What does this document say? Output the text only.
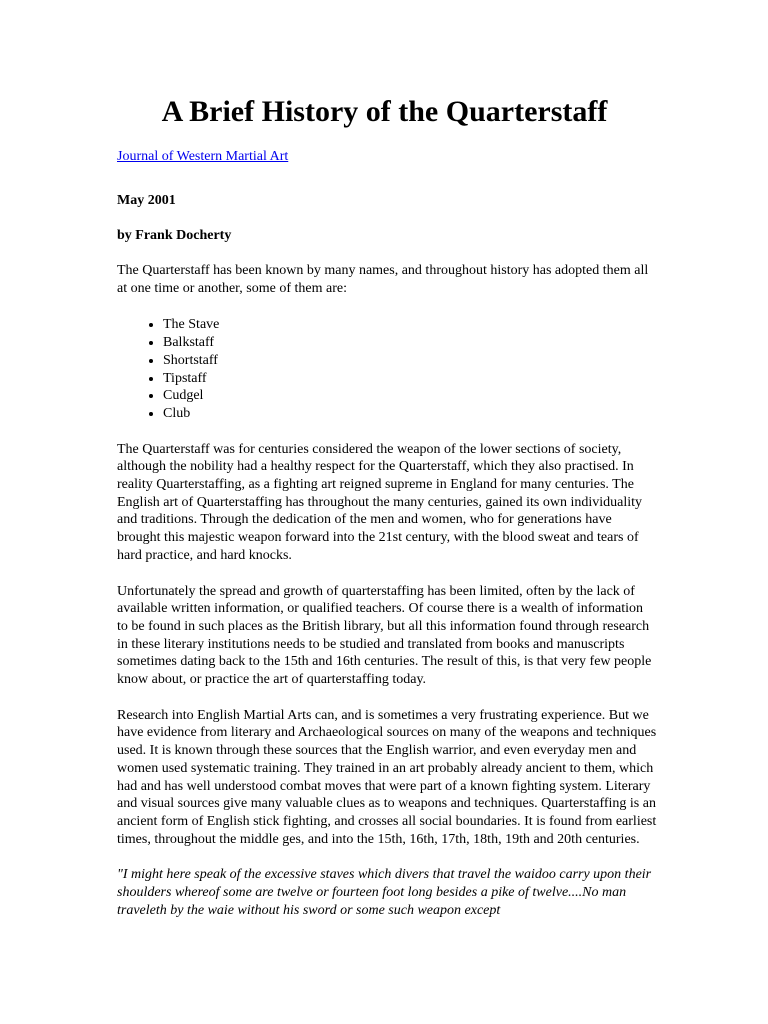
A Brief History of the Quarterstaff
Journal of Western Martial Art
May 2001
by Frank Docherty

The Quarterstaff has been known by many names, and throughout history has adopted them all at one time or another, some of them are:

• The Stave
• Balkstaff
• Shortstaff
• Tipstaff
• Cudgel
• Club

The Quarterstaff was for centuries considered the weapon of the lower sections of society, although the nobility had a healthy respect for the Quarterstaff, which they also practised. In reality Quarterstaffing, as a fighting art reigned supreme in England for many centuries. The English art of Quarterstaffing has throughout the many centuries, gained its own individuality and traditions. Through the dedication of the men and women, who for generations have brought this majestic weapon forward into the 21st century, with the blood sweat and tears of hard practice, and hard knocks.

Unfortunately the spread and growth of quarterstaffing has been limited, often by the lack of available written information, or qualified teachers. Of course there is a wealth of information to be found in such places as the British library, but all this information found through research in these literary institutions needs to be studied and translated from books and manuscripts sometimes dating back to the 15th and 16th centuries. The result of this, is that very few people know about, or practice the art of quarterstaffing today.

Research into English Martial Arts can, and is sometimes a very frustrating experience. But we have evidence from literary and Archaeological sources on many of the weapons and techniques used. It is known through these sources that the English warrior, and even everyday men and women used systematic training. They trained in an art probably already ancient to them, which had and has well understood combat moves that were part of a known fighting system. Literary and visual sources give many valuable clues as to weapons and techniques. Quarterstaffing is an ancient form of English stick fighting, and crosses all social boundaries. It is found from earliest times, throughout the middle ges, and into the 15th, 16th, 17th, 18th, 19th and 20th centuries.

"I might here speak of the excessive staves which divers that travel the waidoo carry upon their shoulders whereof some are twelve or fourteen foot long besides a pike of twelve....No man traveleth by the waie without his sword or some such weapon except
